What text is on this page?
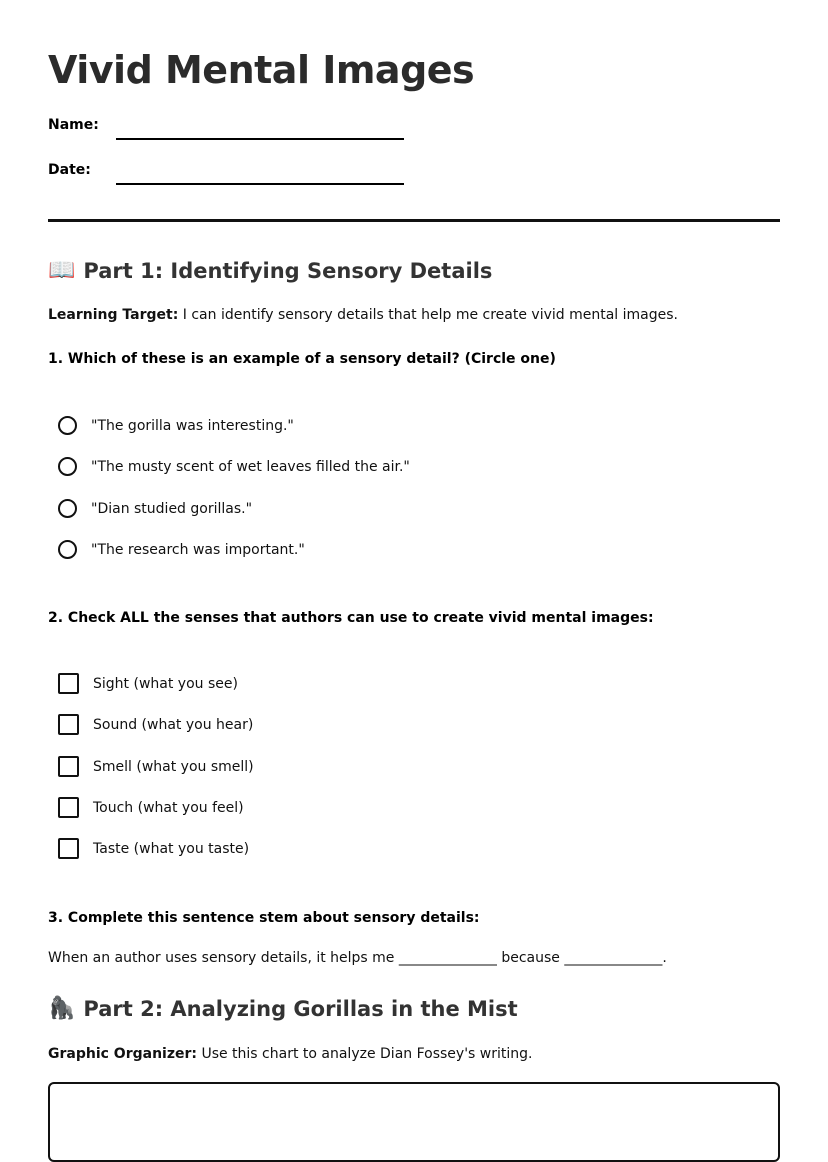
Vivid Mental Images
Name:
Date:
📖 Part 1: Identifying Sensory Details
Learning Target: I can identify sensory details that help me create vivid mental images.
1. Which of these is an example of a sensory detail? (Circle one)
"The gorilla was interesting."
"The musty scent of wet leaves filled the air."
"Dian studied gorillas."
"The research was important."
2. Check ALL the senses that authors can use to create vivid mental images:
Sight (what you see)
Sound (what you hear)
Smell (what you smell)
Touch (what you feel)
Taste (what you taste)
3. Complete this sentence stem about sensory details:
When an author uses sensory details, it helps me ______________ because ______________.
🦍 Part 2: Analyzing Gorillas in the Mist
Graphic Organizer: Use this chart to analyze Dian Fossey's writing.
